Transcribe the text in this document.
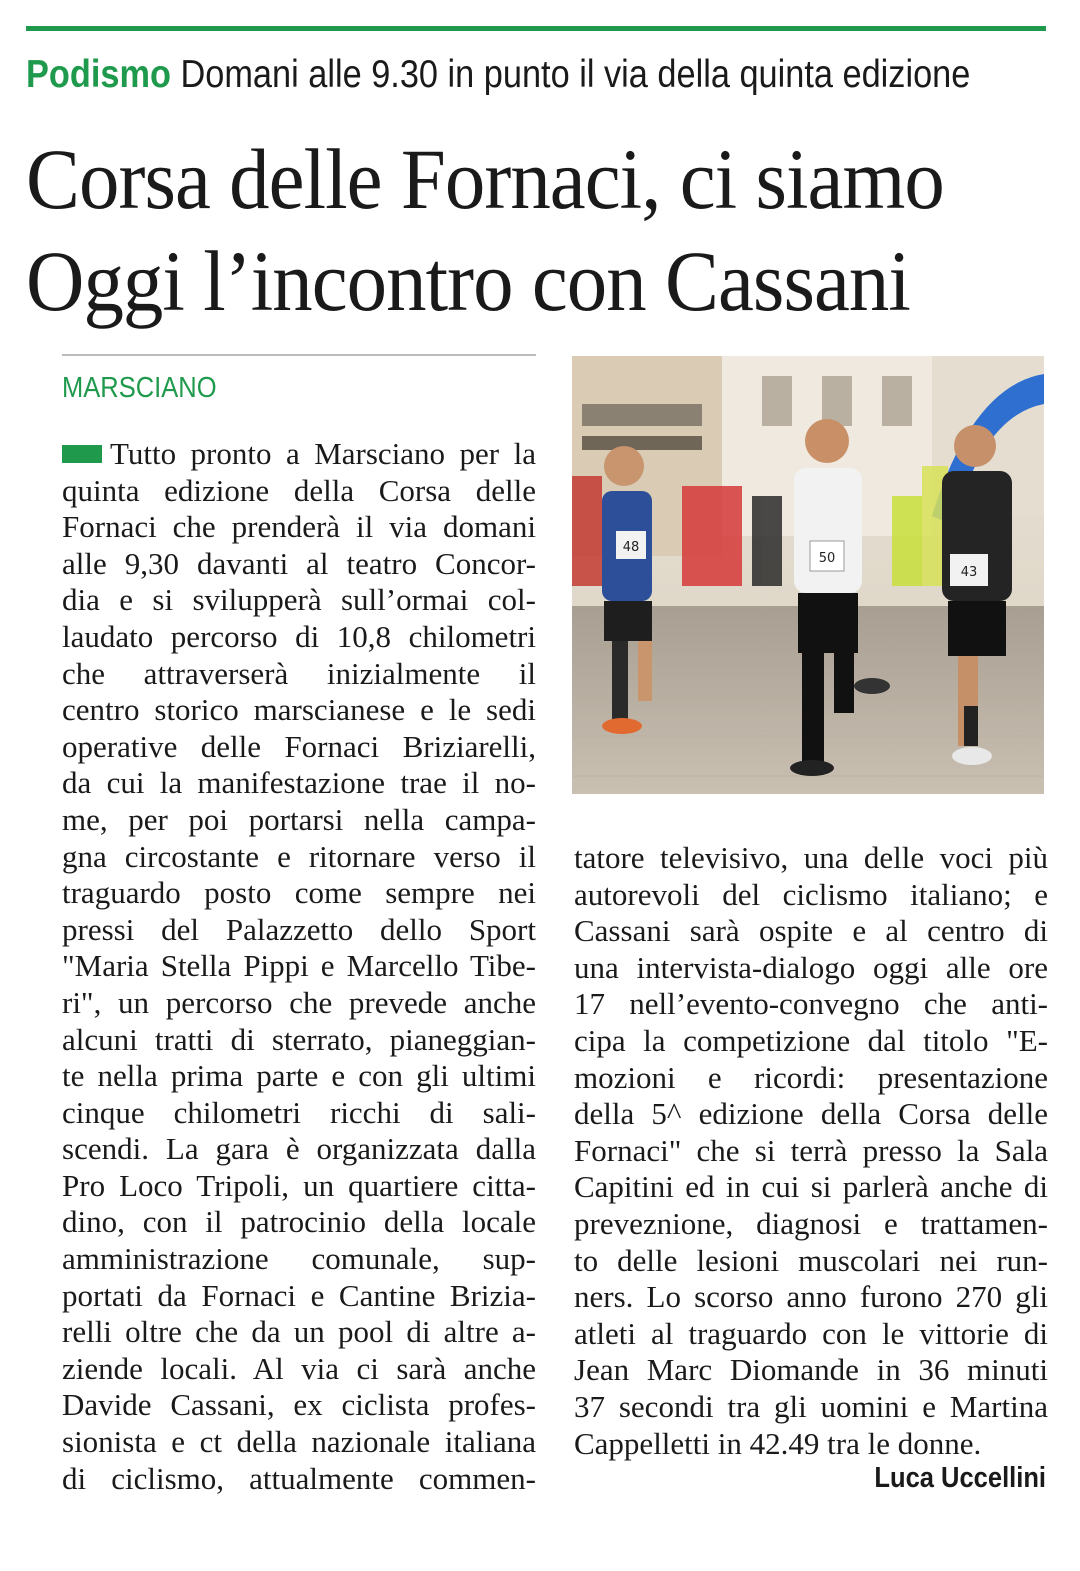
Podismo Domani alle 9.30 in punto il via della quinta edizione
Corsa delle Fornaci, ci siamo
Oggi l’incontro con Cassani
MARSCIANO
Tutto pronto a Marsciano per la
quinta edizione della Corsa delle
Fornaci che prenderà il via domani
alle 9,30 davanti al teatro Concor-
dia e si svilupperà sull’ormai col-
laudato percorso di 10,8 chilometri
che attraverserà inizialmente il
centro storico marscianese e le sedi
operative delle Fornaci Briziarelli,
da cui la manifestazione trae il no-
me, per poi portarsi nella campa-
gna circostante e ritornare verso il
traguardo posto come sempre nei
pressi del Palazzetto dello Sport
"Maria Stella Pippi e Marcello Tibe-
ri", un percorso che prevede anche
alcuni tratti di sterrato, pianeggian-
te nella prima parte e con gli ultimi
cinque chilometri ricchi di sali-
scendi. La gara è organizzata dalla
Pro Loco Tripoli, un quartiere citta-
dino, con il patrocinio della locale
amministrazione comunale, sup-
portati da Fornaci e Cantine Brizia-
relli oltre che da un pool di altre a-
ziende locali. Al via ci sarà anche
Davide Cassani, ex ciclista profes-
sionista e ct della nazionale italiana
di ciclismo, attualmente commen-
48
50
43
tatore televisivo, una delle voci più
autorevoli del ciclismo italiano; e
Cassani sarà ospite e al centro di
una intervista-dialogo oggi alle ore
17 nell’evento-convegno che anti-
cipa la competizione dal titolo "E-
mozioni e ricordi: presentazione
della 5^ edizione della Corsa delle
Fornaci" che si terrà presso la Sala
Capitini ed in cui si parlerà anche di
preveznione, diagnosi e trattamen-
to delle lesioni muscolari nei run-
ners. Lo scorso anno furono 270 gli
atleti al traguardo con le vittorie di
Jean Marc Diomande in 36 minuti
37 secondi tra gli uomini e Martina
Cappelletti in 42.49 tra le donne.
Luca Uccellini
